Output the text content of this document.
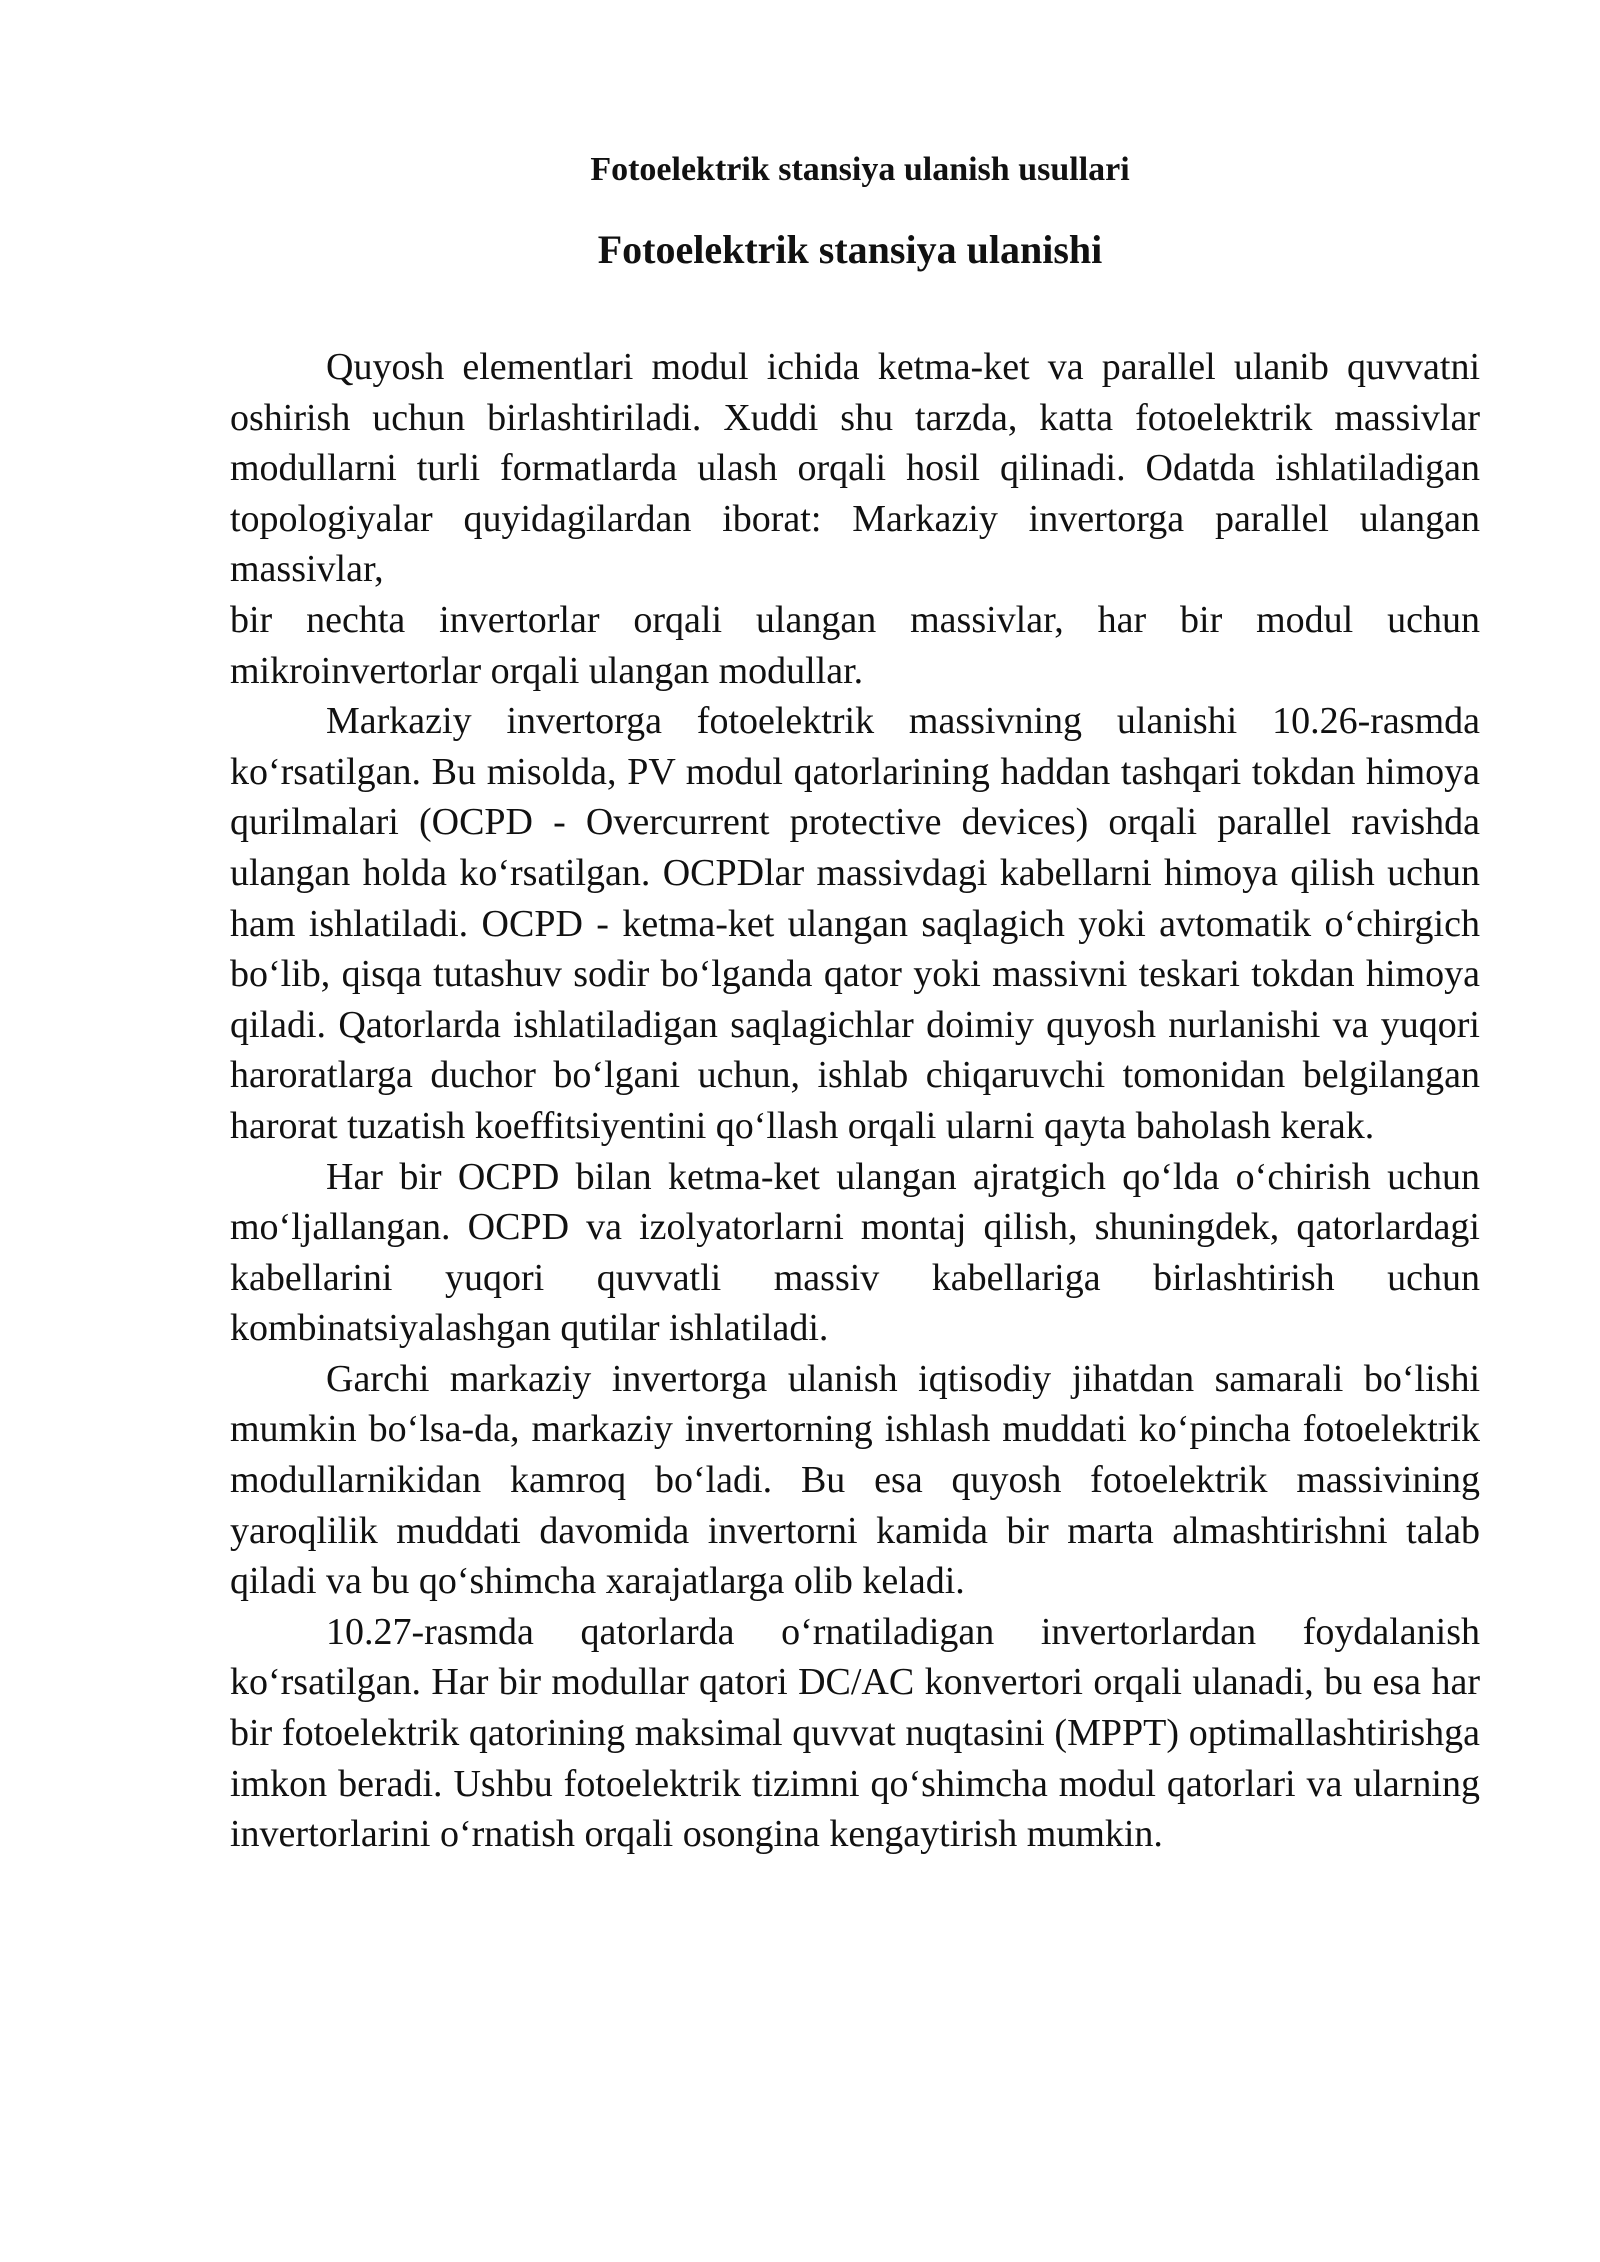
Fotoelektrik stansiya ulanish usullari
Fotoelektrik stansiya ulanishi

Quyosh elementlari modul ichida ketma-ket va parallel ulanib quvvatni oshirish uchun birlashtiriladi. Xuddi shu tarzda, katta fotoelektrik massivlar modullarni turli formatlarda ulash orqali hosil qilinadi. Odatda ishlatiladigan topologiyalar quyidagilardan iborat: Markaziy invertorga parallel ulangan massivlar,

bir nechta invertorlar orqali ulangan massivlar, har bir modul uchun mikroinvertorlar orqali ulangan modullar.

Markaziy invertorga fotoelektrik massivning ulanishi 10.26-rasmda ko‘rsatilgan. Bu misolda, PV modul qatorlarining haddan tashqari tokdan himoya qurilmalari (OCPD - Overcurrent protective devices) orqali parallel ravishda ulangan holda ko‘rsatilgan. OCPDlar massivdagi kabellarni himoya qilish uchun ham ishlatiladi. OCPD - ketma-ket ulangan saqlagich yoki avtomatik o‘chirgich bo‘lib, qisqa tutashuv sodir bo‘lganda qator yoki massivni teskari tokdan himoya qiladi. Qatorlarda ishlatiladigan saqlagichlar doimiy quyosh nurlanishi va yuqori haroratlarga duchor bo‘lgani uchun, ishlab chiqaruvchi tomonidan belgilangan harorat tuzatish koeffitsiyentini qo‘llash orqali ularni qayta baholash kerak.

Har bir OCPD bilan ketma-ket ulangan ajratgich qo‘lda o‘chirish uchun mo‘ljallangan. OCPD va izolyatorlarni montaj qilish, shuningdek, qatorlardagi kabellarini yuqori quvvatli massiv kabellariga birlashtirish uchun kombinatsiyalashgan qutilar ishlatiladi.

Garchi markaziy invertorga ulanish iqtisodiy jihatdan samarali bo‘lishi mumkin bo‘lsa-da, markaziy invertorning ishlash muddati ko‘pincha fotoelektrik modullarnikidan kamroq bo‘ladi. Bu esa quyosh fotoelektrik massivining yaroqlilik muddati davomida invertorni kamida bir marta almashtirishni talab qiladi va bu qo‘shimcha xarajatlarga olib keladi.

10.27-rasmda qatorlarda o‘rnatiladigan invertorlardan foydalanish ko‘rsatilgan. Har bir modullar qatori DC/AC konvertori orqali ulanadi, bu esa har bir fotoelektrik qatorining maksimal quvvat nuqtasini (MPPT) optimallashtirishga imkon beradi. Ushbu fotoelektrik tizimni qo‘shimcha modul qatorlari va ularning invertorlarini o‘rnatish orqali osongina kengaytirish mumkin.
